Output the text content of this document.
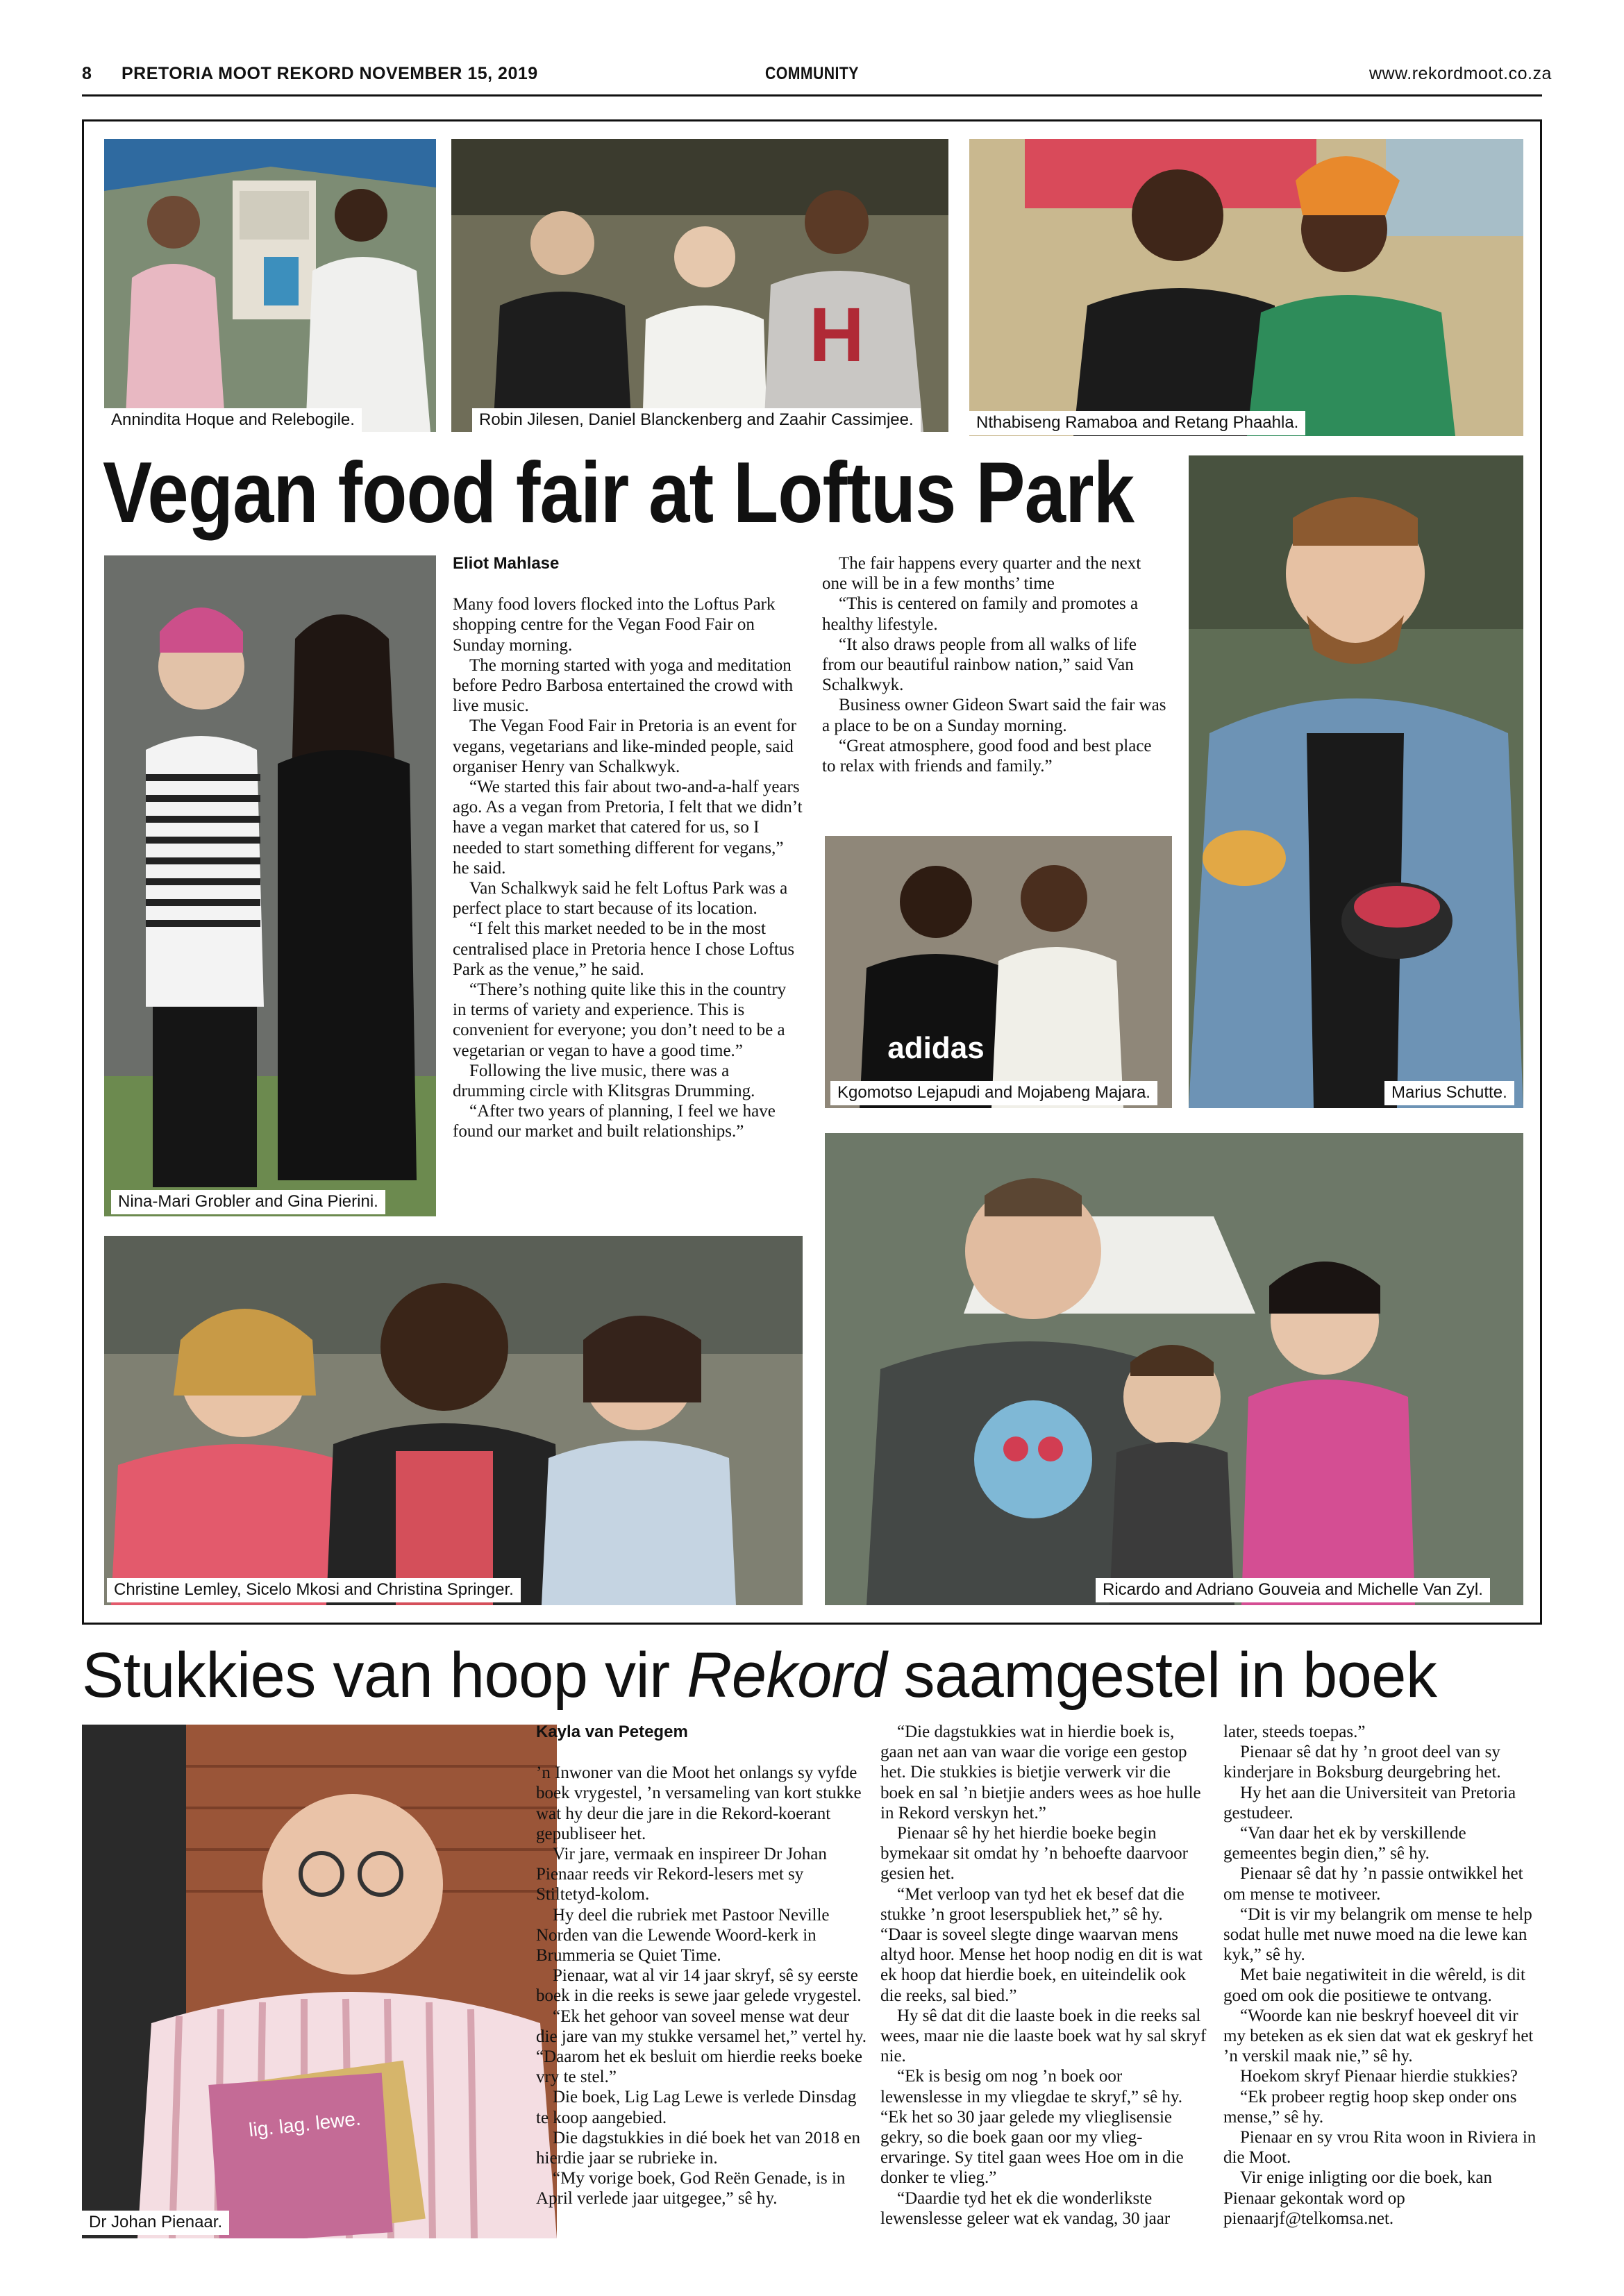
8 PRETORIA MOOT REKORD NOVEMBER 15, 2019	COMMUNITY	www.rekordmoot.co.za
Annindita Hoque and Relebogile.
H
Robin Jilesen, Daniel Blanckenberg and Zaahir Cassimjee.	Nthabiseng Ramaboa and Retang Phaahla.
Vegan food fair at Loftus Park
Nina-Mari Grobler and Gina Pierini.
Eliot Mahlase

Many food lovers flocked into the Loftus Park shopping centre for the Vegan Food Fair on Sunday morning.

The morning started with yoga and meditation before Pedro Barbosa entertained the crowd with live music.

The Vegan Food Fair in Pretoria is an event for vegans, vegetarians and like-minded people, said organiser Henry van Schalkwyk.

“We started this fair about two-and-a-half years ago. As a vegan from Pretoria, I felt that we didn’t have a vegan market that catered for us, so I needed to start something different for vegans,” he said.

Van Schalkwyk said he felt Loftus Park was a perfect place to start because of its location.

“I felt this market needed to be in the most centralised place in Pretoria hence I chose Loftus Park as the venue,” he said.

“There’s nothing quite like this in the country in terms of variety and experience. This is convenient for everyone; you don’t need to be a vegetarian or vegan to have a good time.”

Following the live music, there was a drumming circle with Klitsgras Drumming.

“After two years of planning, I feel we have found our market and built relationships.”

The fair happens every quarter and the next one will be in a few months’ time

“This is centered on family and promotes a healthy lifestyle.

“It also draws people from all walks of life from our beautiful rainbow nation,” said Van Schalkwyk.

Business owner Gideon Swart said the fair was a place to be on a Sunday morning.

“Great atmosphere, good food and best place to relax with friends and family.”

adidas
Kgomotso Lejapudi and Mojabeng Majara.	Marius Schutte.
Christine Lemley, Sicelo Mkosi and Christina Springer.	Ricardo and Adriano Gouveia and Michelle Van Zyl.
Stukkies van hoop vir Rekord saamgestel in boek
lig. lag. lewe.
Dr Johan Pienaar.
Kayla van Petegem

’n Inwoner van die Moot het onlangs sy vyfde boek vrygestel, ’n versameling van kort stukke wat hy deur die jare in die Rekord-koerant gepubliseer het.

Vir jare, vermaak en inspireer Dr Johan Pienaar reeds vir Rekord-lesers met sy Stiltetyd-kolom.

Hy deel die rubriek met Pastoor Neville Norden van die Lewende Woord-kerk in Brummeria se Quiet Time.

Pienaar, wat al vir 14 jaar skryf, sê sy eerste boek in die reeks is sewe jaar gelede vrygestel.

“Ek het gehoor van soveel mense wat deur die jare van my stukke versamel het,” vertel hy. “Daarom het ek besluit om hierdie reeks boeke vry te stel.”

Die boek, Lig Lag Lewe is verlede Dinsdag te koop aangebied.

Die dagstukkies in dié boek het van 2018 en hierdie jaar se rubrieke in.

“My vorige boek, God Reën Genade, is in April verlede jaar uitgegee,” sê hy.

“Die dagstukkies wat in hierdie boek is, gaan net aan van waar die vorige een gestop het. Die stukkies is bietjie verwerk vir die boek en sal ’n bietjie anders wees as hoe hulle in Rekord verskyn het.”

Pienaar sê hy het hierdie boeke begin bymekaar sit omdat hy ’n behoefte daarvoor gesien het.

“Met verloop van tyd het ek besef dat die stukke ’n groot leserspubliek het,” sê hy. “Daar is soveel slegte dinge waarvan mens altyd hoor. Mense het hoop nodig en dit is wat ek hoop dat hierdie boek, en uiteindelik ook die reeks, sal bied.”

Hy sê dat dit die laaste boek in die reeks sal wees, maar nie die laaste boek wat hy sal skryf nie.

“Ek is besig om nog ’n boek oor lewenslesse in my vliegdae te skryf,” sê hy. “Ek het so 30 jaar gelede my vlieglisensie gekry, so die boek gaan oor my vlieg-ervaringe. Sy titel gaan wees Hoe om in die donker te vlieg.”

“Daardie tyd het ek die wonderlikste lewenslesse geleer wat ek vandag, 30 jaar

later, steeds toepas.”

Pienaar sê dat hy ’n groot deel van sy kinderjare in Boksburg deurgebring het.

Hy het aan die Universiteit van Pretoria gestudeer.

“Van daar het ek by verskillende gemeentes begin dien,” sê hy.

Pienaar sê dat hy ’n passie ontwikkel het om mense te motiveer.

“Dit is vir my belangrik om mense te help sodat hulle met nuwe moed na die lewe kan kyk,” sê hy.

Met baie negatiwiteit in die wêreld, is dit goed om ook die positiewe te ontvang.

“Woorde kan nie beskryf hoeveel dit vir my beteken as ek sien dat wat ek geskryf het ’n verskil maak nie,” sê hy.

Hoekom skryf Pienaar hierdie stukkies?

“Ek probeer regtig hoop skep onder ons mense,” sê hy.

Pienaar en sy vrou Rita woon in Riviera in die Moot.

Vir enige inligting oor die boek, kan Pienaar gekontak word op pienaarjf@telkomsa.net.
